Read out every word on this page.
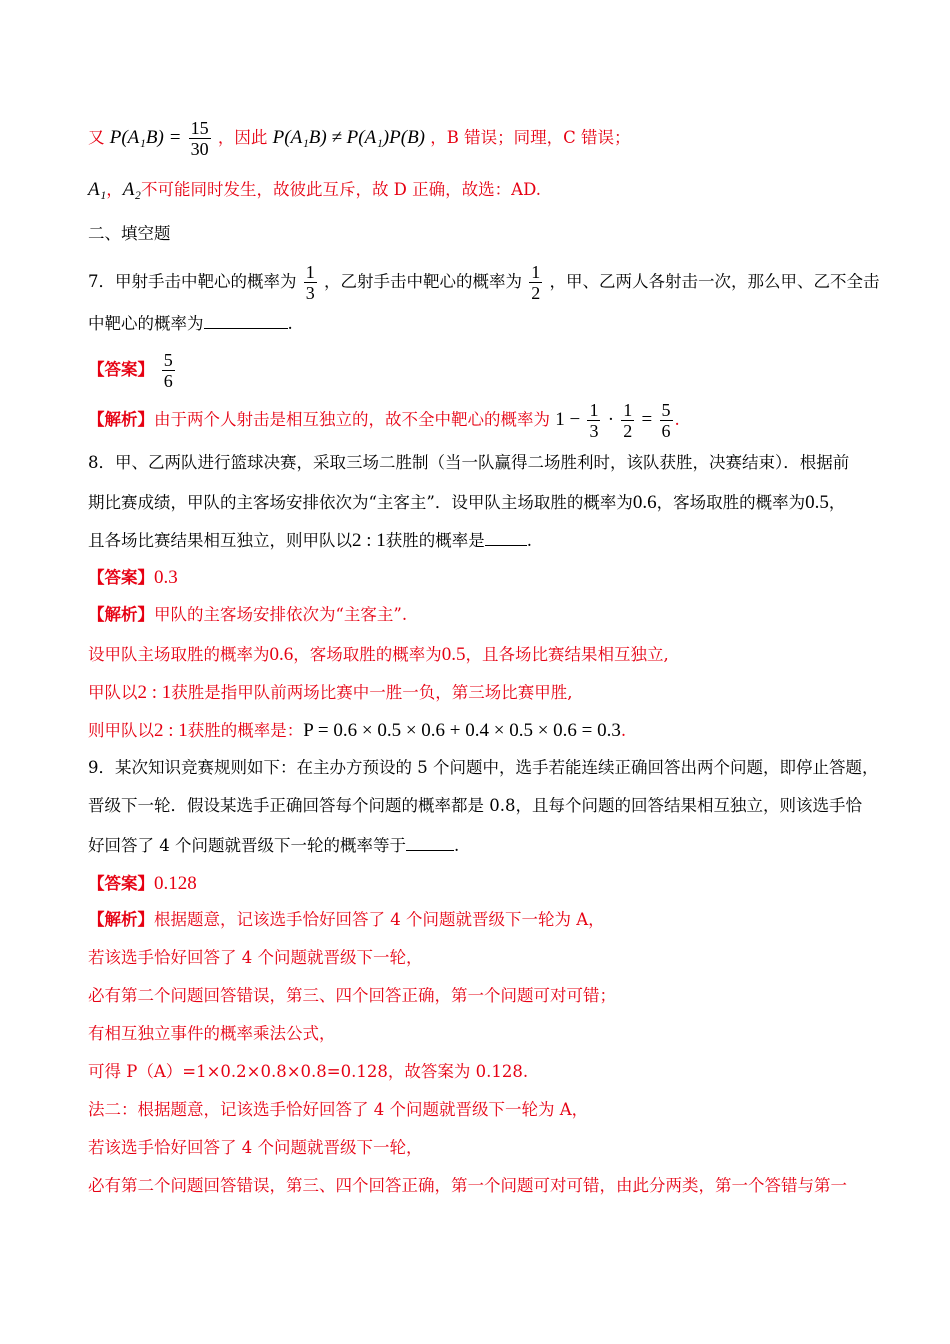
又 $P(A_1B) = \frac{15}{30}$ ，因此 P(A₁B) ≠ P(A₁)P(B) ，B 错误；同理，C 错误；
A₁，A₂不可能同时发生，故彼此互斥，故 D 正确，故选：AD.
二、填空题
7．甲射手击中靶心的概率为 $\frac{1}{3}$ ，乙射手击中靶心的概率为 $\frac{1}{2}$ ，甲、乙两人各射击一次，那么甲、乙不全击
中靶心的概率为	.
【答案】 $\frac{5}{6}$
【解析】由于两个人射击是相互独立的，故不全中靶心的概率为 $1 - \frac{1}{3} \cdot \frac{1}{2} = \frac{5}{6}$ .
8．甲、乙两队进行篮球决赛，采取三场二胜制（当一队赢得二场胜利时，该队获胜，决赛结束）．根据前
期比赛成绩，甲队的主客场安排依次为“主客主”．设甲队主场取胜的概率为0.6，客场取胜的概率为0.5，
且各场比赛结果相互独立，则甲队以2 : 1获胜的概率是	.
【答案】0.3
【解析】甲队的主客场安排依次为“主客主”.
设甲队主场取胜的概率为0.6，客场取胜的概率为0.5，且各场比赛结果相互独立,
甲队以2 : 1获胜是指甲队前两场比赛中一胜一负，第三场比赛甲胜,
则甲队以2 : 1获胜的概率是：P = 0.6 × 0.5 × 0.6 + 0.4 × 0.5 × 0.6 = 0.3.
9．某次知识竞赛规则如下：在主办方预设的 5 个问题中，选手若能连续正确回答出两个问题，即停止答题，
晋级下一轮．假设某选手正确回答每个问题的概率都是 0.8，且每个问题的回答结果相互独立，则该选手恰
好回答了 4 个问题就晋级下一轮的概率等于	.
【答案】0.128
【解析】根据题意，记该选手恰好回答了 4 个问题就晋级下一轮为 A，
若该选手恰好回答了 4 个问题就晋级下一轮，
必有第二个问题回答错误，第三、四个回答正确，第一个问题可对可错；
有相互独立事件的概率乘法公式，
可得 P（A）=1×0.2×0.8×0.8=0.128，故答案为 0.128.
法二：根据题意，记该选手恰好回答了 4 个问题就晋级下一轮为 A，
若该选手恰好回答了 4 个问题就晋级下一轮，
必有第二个问题回答错误，第三、四个回答正确，第一个问题可对可错，由此分两类，第一个答错与第一
